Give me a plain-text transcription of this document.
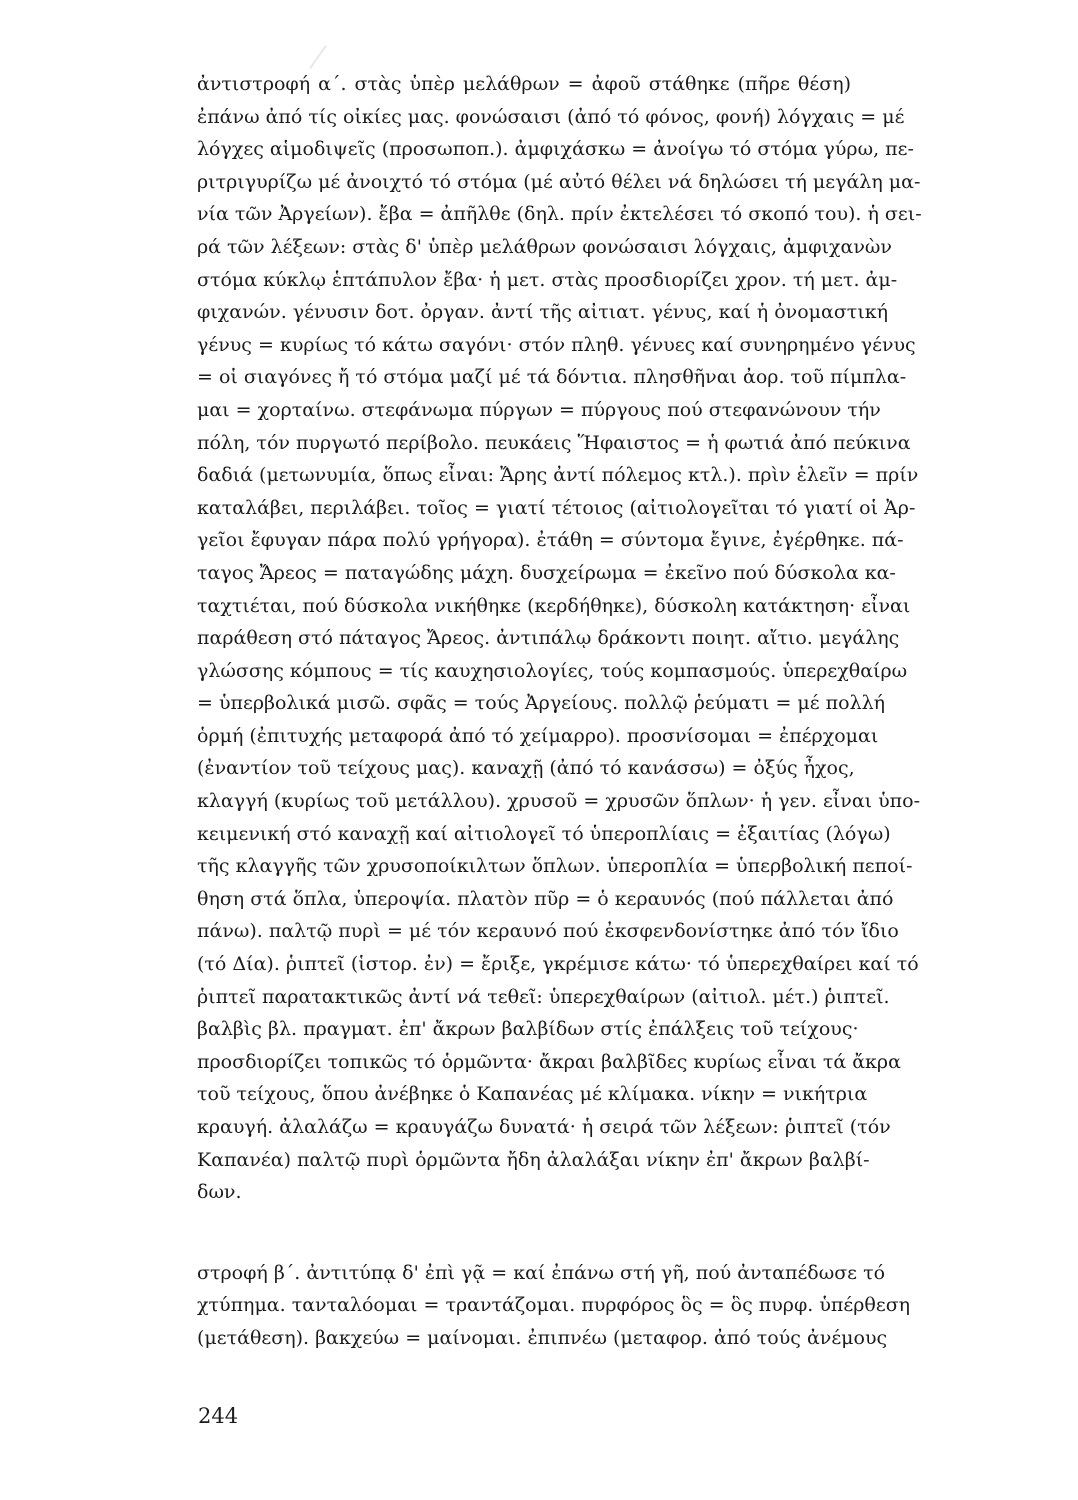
ἀντιστροφή α΄. στὰς ὑπὲρ μελάθρων = ἀφοῦ στάθηκε (πῆρε θέση)
ἐπάνω ἀπό τίς οἰκίες μας. φονώσαισι (ἀπό τό φόνος, φονή) λόγχαις = μέ
λόγχες αἱμοδιψεῖς (προσωποπ.). ἀμφιχάσκω = ἀνοίγω τό στόμα γύρω, πε-
ριτριγυρίζω μέ ἀνοιχτό τό στόμα (μέ αὐτό θέλει νά δηλώσει τή μεγάλη μα-
νία τῶν Ἀργείων). ἔβα = ἀπῆλθε (δηλ. πρίν ἐκτελέσει τό σκοπό του). ἡ σει-
ρά τῶν λέξεων: στὰς δ' ὑπὲρ μελάθρων φονώσαισι λόγχαις, ἀμφιχανὼν
στόμα κύκλῳ ἑπτάπυλον ἔβα· ἡ μετ. στὰς προσδιορίζει χρον. τή μετ. ἀμ-
φιχανών. γένυσιν δοτ. ὀργαν. ἀντί τῆς αἰτιατ. γένυς, καί ἡ ὀνομαστική
γένυς = κυρίως τό κάτω σαγόνι· στόν πληθ. γένυες καί συνηρημένο γένυς
= οἱ σιαγόνες ἤ τό στόμα μαζί μέ τά δόντια. πλησθῆναι ἀορ. τοῦ πίμπλα-
μαι = χορταίνω. στεφάνωμα πύργων = πύργους πού στεφανώνουν τήν
πόλη, τόν πυργωτό περίβολο. πευκάεις Ἥφαιστος = ἡ φωτιά ἀπό πεύκινα
δαδιά (μετωνυμία, ὅπως εἶναι: Ἄρης ἀντί πόλεμος κτλ.). πρὶν ἑλεῖν = πρίν
καταλάβει, περιλάβει. τοῖος = γιατί τέτοιος (αἰτιολογεῖται τό γιατί οἱ Ἀρ-
γεῖοι ἔφυγαν πάρα πολύ γρήγορα). ἐτάθη = σύντομα ἔγινε, ἐγέρθηκε. πά-
ταγος Ἄρεος = παταγώδης μάχη. δυσχείρωμα = ἐκεῖνο πού δύσκολα κα-
ταχτιέται, πού δύσκολα νικήθηκε (κερδήθηκε), δύσκολη κατάκτηση· εἶναι
παράθεση στό πάταγος Ἄρεος. ἀντιπάλῳ δράκοντι ποιητ. αἴτιο. μεγάλης
γλώσσης κόμπους = τίς καυχησιολογίες, τούς κομπασμούς. ὑπερεχθαίρω
= ὑπερβολικά μισῶ. σφᾶς = τούς Ἀργείους. πολλῷ ῥεύματι = μέ πολλή
ὁρμή (ἐπιτυχής μεταφορά ἀπό τό χείμαρρο). προσνίσομαι = ἐπέρχομαι
(ἐναντίον τοῦ τείχους μας). καναχῇ (ἀπό τό κανάσσω) = ὀξύς ἦχος,
κλαγγή (κυρίως τοῦ μετάλλου). χρυσοῦ = χρυσῶν ὅπλων· ἡ γεν. εἶναι ὑπο-
κειμενική στό καναχῇ καί αἰτιολογεῖ τό ὑπεροπλίαις = ἐξαιτίας (λόγω)
τῆς κλαγγῆς τῶν χρυσοποίκιλτων ὅπλων. ὑπεροπλία = ὑπερβολική πεποί-
θηση στά ὅπλα, ὑπεροψία. πλατὸν πῦρ = ὁ κεραυνός (πού πάλλεται ἀπό
πάνω). παλτῷ πυρὶ = μέ τόν κεραυνό πού ἐκσφενδονίστηκε ἀπό τόν ἴδιο
(τό Δία). ῥιπτεῖ (ἱστορ. ἐν) = ἔριξε, γκρέμισε κάτω· τό ὑπερεχθαίρει καί τό
ῥιπτεῖ παρατακτικῶς ἀντί νά τεθεῖ: ὑπερεχθαίρων (αἰτιολ. μέτ.) ῥιπτεῖ.
βαλβὶς βλ. πραγματ. ἐπ' ἄκρων βαλβίδων στίς ἐπάλξεις τοῦ τείχους·
προσδιορίζει τοπικῶς τό ὁρμῶντα· ἄκραι βαλβῖδες κυρίως εἶναι τά ἄκρα
τοῦ τείχους, ὅπου ἀνέβηκε ὁ Καπανέας μέ κλίμακα. νίκην = νικήτρια
κραυγή. ἀλαλάζω = κραυγάζω δυνατά· ἡ σειρά τῶν λέξεων: ῥιπτεῖ (τόν
Καπανέα) παλτῷ πυρὶ ὁρμῶντα ἤδη ἀλαλάξαι νίκην ἐπ' ἄκρων βαλβί-
δων.
στροφή β΄. ἀντιτύπᾳ δ' ἐπὶ γᾷ = καί ἐπάνω στή γῆ, πού ἀνταπέδωσε τό
χτύπημα. τανταλόομαι = τραντάζομαι. πυρφόρος ὃς = ὃς πυρφ. ὑπέρθεση
(μετάθεση). βακχεύω = μαίνομαι. ἐπιπνέω (μεταφορ. ἀπό τούς ἀνέμους
244
